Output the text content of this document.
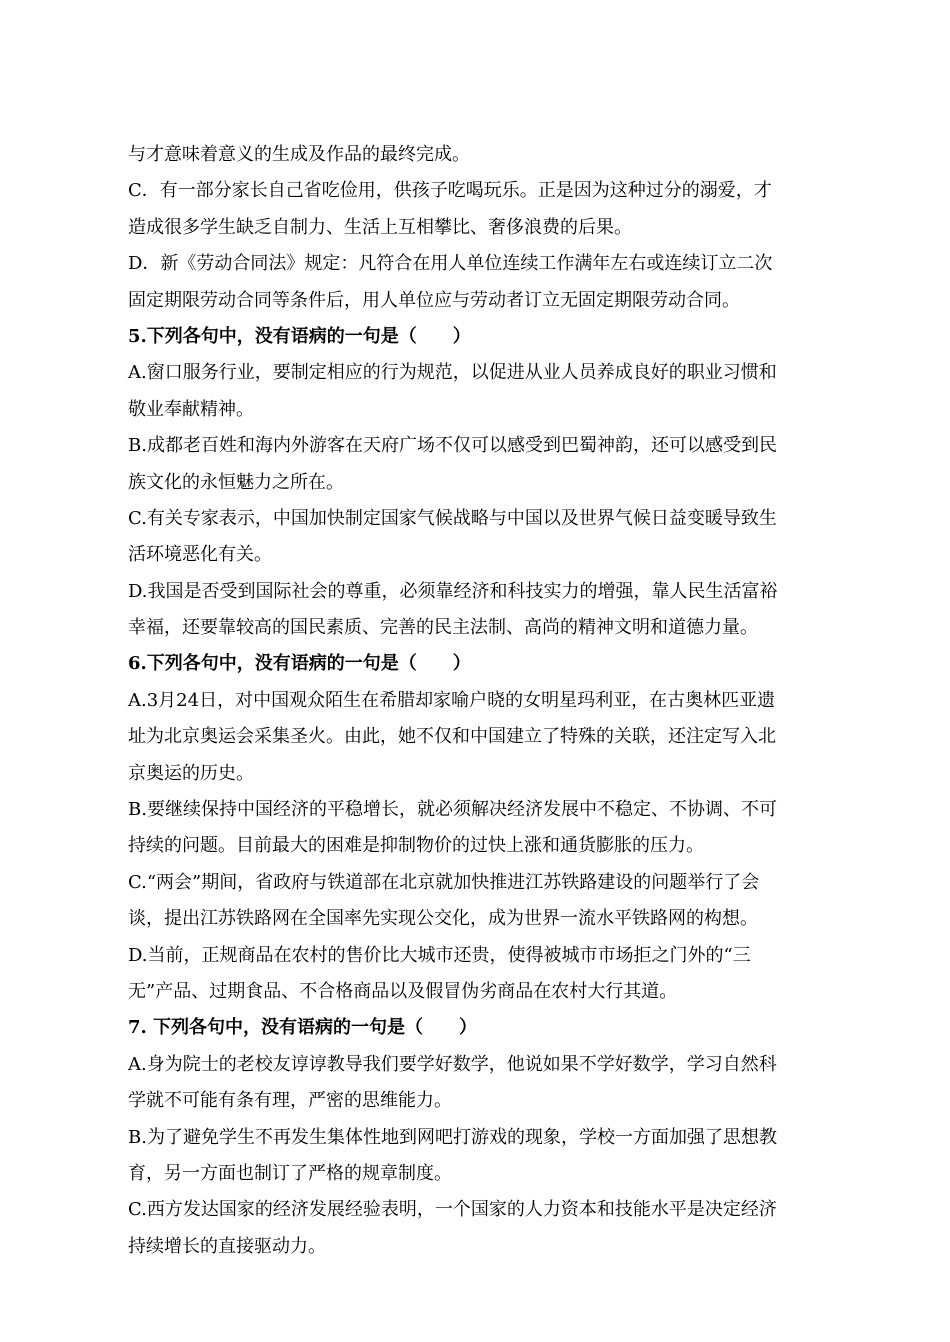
与才意味着意义的生成及作品的最终完成。
C．有一部分家长自己省吃俭用，供孩子吃喝玩乐。正是因为这种过分的溺爱，才
造成很多学生缺乏自制力、生活上互相攀比、奢侈浪费的后果。
D．新《劳动合同法》规定：凡符合在用人单位连续工作满年左右或连续订立二次
固定期限劳动合同等条件后，用人单位应与劳动者订立无固定期限劳动合同。
5.下列各句中，没有语病的一句是（　　）
A.窗口服务行业，要制定相应的行为规范，以促进从业人员养成良好的职业习惯和
敬业奉献精神。
B.成都老百姓和海内外游客在天府广场不仅可以感受到巴蜀神韵，还可以感受到民
族文化的永恒魅力之所在。
C.有关专家表示，中国加快制定国家气候战略与中国以及世界气候日益变暖导致生
活环境恶化有关。
D.我国是否受到国际社会的尊重，必须靠经济和科技实力的增强，靠人民生活富裕
幸福，还要靠较高的国民素质、完善的民主法制、高尚的精神文明和道德力量。
6.下列各句中，没有语病的一句是（　　）
A.3月24日，对中国观众陌生在希腊却家喻户晓的女明星玛利亚，在古奥林匹亚遗
址为北京奥运会采集圣火。由此，她不仅和中国建立了特殊的关联，还注定写入北
京奥运的历史。
B.要继续保持中国经济的平稳增长，就必须解决经济发展中不稳定、不协调、不可
持续的问题。目前最大的困难是抑制物价的过快上涨和通货膨胀的压力。
C.“两会”期间，省政府与铁道部在北京就加快推进江苏铁路建设的问题举行了会
谈，提出江苏铁路网在全国率先实现公交化，成为世界一流水平铁路网的构想。
D.当前，正规商品在农村的售价比大城市还贵，使得被城市市场拒之门外的“三
无”产品、过期食品、不合格商品以及假冒伪劣商品在农村大行其道。
7. 下列各句中，没有语病的一句是（　　）
A.身为院士的老校友谆谆教导我们要学好数学，他说如果不学好数学，学习自然科
学就不可能有条有理，严密的思维能力。
B.为了避免学生不再发生集体性地到网吧打游戏的现象，学校一方面加强了思想教
育，另一方面也制订了严格的规章制度。
C.西方发达国家的经济发展经验表明，一个国家的人力资本和技能水平是决定经济
持续增长的直接驱动力。
